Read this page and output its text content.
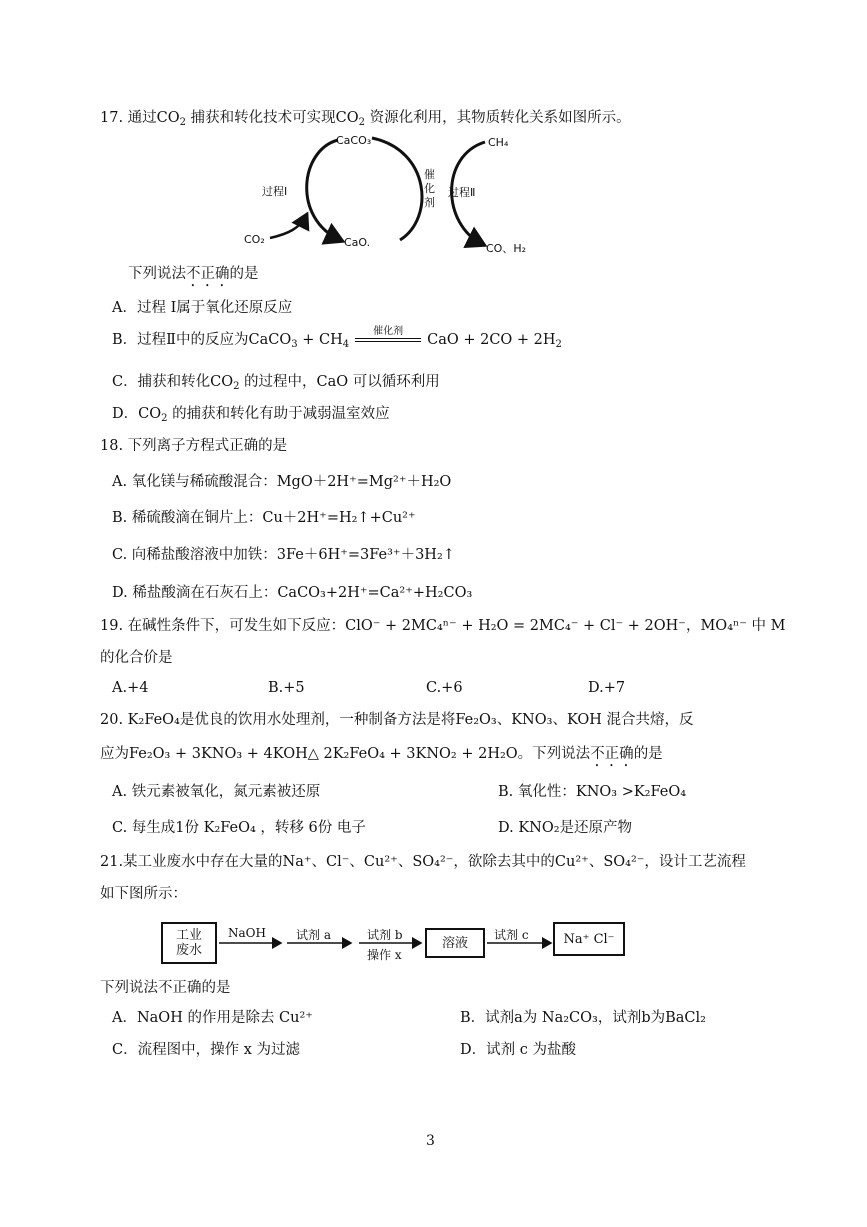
17. 通过$CO_2$ 捕获和转化技术可实现$CO_2$ 资源化利用，其物质转化关系如图所示。
CaCO₃
CaO.
CO₂
CH₄
CO、H₂
过程Ⅰ	过程Ⅱ
催化剂
下列说法不正确的是
A．过程 Ⅰ属于氧化还原反应
B．过程Ⅱ中的反应为CaCO$_3$ + $CH_4$
催化剂
CaO + $2CO + 2H_2$
C．捕获和转化$CO_2$ 的过程中，CaO 可以循环利用
D．$CO_2$ 的捕获和转化有助于减弱温室效应
18. 下列离子方程式正确的是
A. 氧化镁与稀硫酸混合：MgO＋2H⁺=Mg²⁺＋H₂O
B. 稀硫酸滴在铜片上：Cu＋2H⁺=H₂↑+Cu²⁺
C. 向稀盐酸溶液中加铁：3Fe＋6H⁺=3Fe³⁺＋3H₂↑
D. 稀盐酸滴在石灰石上：CaCO₃+2H⁺=Ca²⁺+H₂CO₃
19. 在碱性条件下，可发生如下反应：ClO⁻ + 2MC₄ⁿ⁻ + H₂O = 2MC₄⁻ + Cl⁻ + 2OH⁻，MO₄ⁿ⁻ 中 M
的化合价是
A.+4	B.+5	C.+6	D.+7
20. K₂FeO₄是优良的饮用水处理剂，一种制备方法是将Fe₂O₃、KNO₃、KOH 混合共熔，反
应为Fe₂O₃ + 3KNO₃ + 4KOH△ 2K₂FeO₄ + 3KNO₂ + 2H₂O。下列说法不正确的是
A. 铁元素被氧化，氮元素被还原	B. 氧化性：KNO₃ >K₂FeO₄
C. 每生成1份 K₂FeO₄ ，转移 6份 电子	D. KNO₂是还原产物
21.某工业废水中存在大量的Na⁺、Cl⁻、Cu²⁺、SO₄²⁻，欲除去其中的Cu²⁺、SO₄²⁻，设计工艺流程
如下图所示：
工业废水
NaOH	试剂 a	试剂 b
操作 x
溶液
试剂 c	Na⁺ Cl⁻
下列说法不正确的是
A．NaOH 的作用是除去 Cu²⁺	B．试剂a为 Na₂CO₃，试剂b为BaCl₂
C．流程图中，操作 x 为过滤	D．试剂 c 为盐酸
3
